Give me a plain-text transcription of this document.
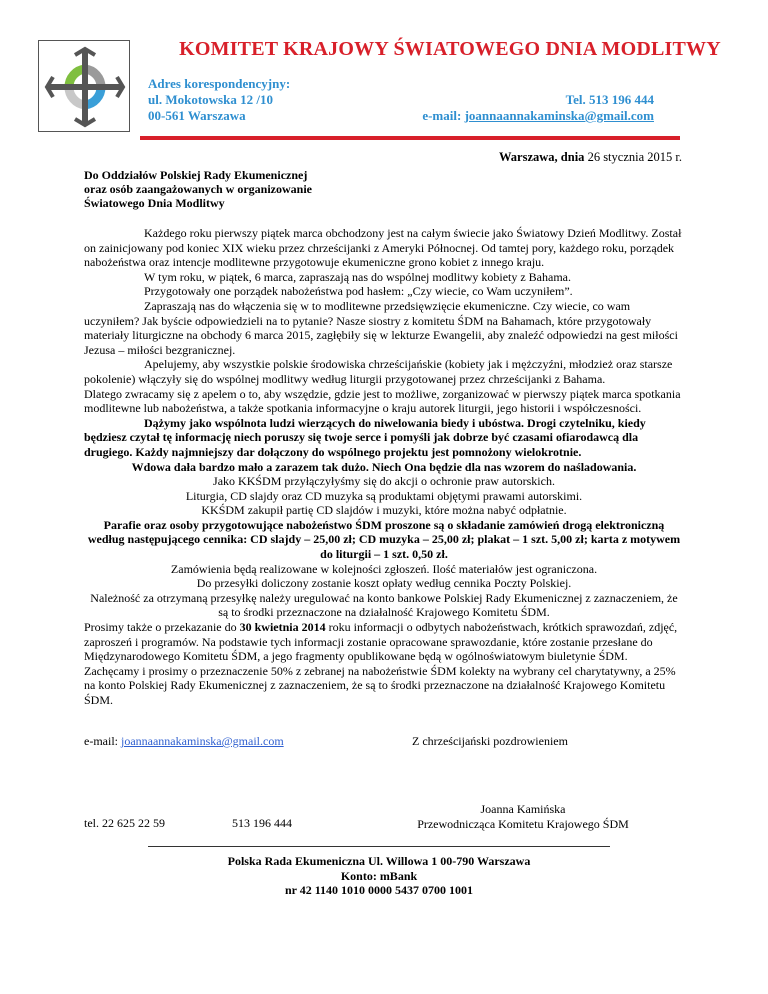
KOMITET KRAJOWY ŚWIATOWEGO DNIA MODLITWY
Adres korespondencyjny:
ul. Mokotowska 12 /10
00-561 Warszawa
Tel. 513 196 444
e-mail: joannaannakaminska@gmail.com
Warszawa, dnia 26 stycznia 2015 r.
Do Oddziałów Polskiej Rady Ekumenicznej
oraz osób zaangażowanych w organizowanie
Światowego Dnia Modlitwy

Każdego roku pierwszy piątek marca obchodzony jest na całym świecie jako Światowy Dzień Modlitwy. Został on zainicjowany pod koniec XIX wieku przez chrześcijanki z Ameryki Północnej. Od tamtej pory, każdego roku, porządek nabożeństwa oraz intencje modlitewne przygotowuje ekumeniczne grono kobiet z innego kraju.

W tym roku, w piątek, 6 marca, zapraszają nas do wspólnej modlitwy kobiety z Bahama.

Przygotowały one porządek nabożeństwa pod hasłem: „Czy wiecie, co Wam uczyniłem”.

Zapraszają nas do włączenia się w to modlitewne przedsięwzięcie ekumeniczne. Czy wiecie, co wam uczyniłem? Jak byście odpowiedzieli na to pytanie? Nasze siostry z komitetu ŚDM na Bahamach, które przygotowały materiały liturgiczne na obchody 6 marca 2015, zagłębiły się w lekturze Ewangelii, aby znaleźć odpowiedzi na gest miłości Jezusa – miłości bezgranicznej.

Apelujemy, aby wszystkie polskie środowiska chrześcijańskie (kobiety jak i mężczyźni, młodzież oraz starsze pokolenie) włączyły się do wspólnej modlitwy według liturgii przygotowanej przez chrześcijanki z Bahama.

Dlatego zwracamy się z apelem o to, aby wszędzie, gdzie jest to możliwe, zorganizować w pierwszy piątek marca spotkania modlitewne lub nabożeństwa, a także spotkania informacyjne o kraju autorek liturgii, jego historii i współczesności.

Dążymy jako wspólnota ludzi wierzących do niwelowania biedy i ubóstwa. Drogi czytelniku, kiedy będziesz czytał tę informację niech poruszy się twoje serce i pomyśli jak dobrze być czasami ofiarodawcą dla drugiego. Każdy najmniejszy dar dołączony do wspólnego projektu jest pomnożony wielokrotnie.

Wdowa dała bardzo mało a zarazem tak dużo. Niech Ona będzie dla nas wzorem do naśladowania.

Jako KKŚDM przyłączyłyśmy się do akcji o ochronie praw autorskich.

Liturgia, CD slajdy oraz CD muzyka są produktami objętymi prawami autorskimi.

KKŚDM zakupił partię CD slajdów i muzyki, które można nabyć odpłatnie.

Parafie oraz osoby przygotowujące nabożeństwo ŚDM proszone są o składanie zamówień drogą elektroniczną według następującego cennika: CD slajdy – 25,00 zł; CD muzyka – 25,00 zł; plakat – 1 szt. 5,00 zł; karta z motywem do liturgii – 1 szt. 0,50 zł.

Zamówienia będą realizowane w kolejności zgłoszeń. Ilość materiałów jest ograniczona.

Do przesyłki doliczony zostanie koszt opłaty według cennika Poczty Polskiej.

Należność za otrzymaną przesyłkę należy uregulować na konto bankowe Polskiej Rady Ekumenicznej z zaznaczeniem, że są to środki przeznaczone na działalność Krajowego Komitetu ŚDM.

Prosimy także o przekazanie do 30 kwietnia 2014 roku informacji o odbytych nabożeństwach, krótkich sprawozdań, zdjęć, zaproszeń i programów. Na podstawie tych informacji zostanie opracowane sprawozdanie, które zostanie przesłane do Międzynarodowego Komitetu ŚDM, a jego fragmenty opublikowane będą w ogólnoświatowym biuletynie ŚDM.

Zachęcamy i prosimy o przeznaczenie 50% z zebranej na nabożeństwie ŚDM kolekty na wybrany cel charytatywny, a 25% na konto Polskiej Rady Ekumenicznej z zaznaczeniem, że są to środki przeznaczone na działalność Krajowego Komitetu ŚDM.

e-mail: joannaannakaminska@gmail.com	Z chrześcijański pozdrowieniem
tel. 22 625 22 59	513 196 444
Joanna Kamińska
Przewodnicząca Komitetu Krajowego ŚDM
Polska Rada Ekumeniczna Ul. Willowa 1 00-790 Warszawa
Konto: mBank
nr 42 1140 1010 0000 5437 0700 1001
